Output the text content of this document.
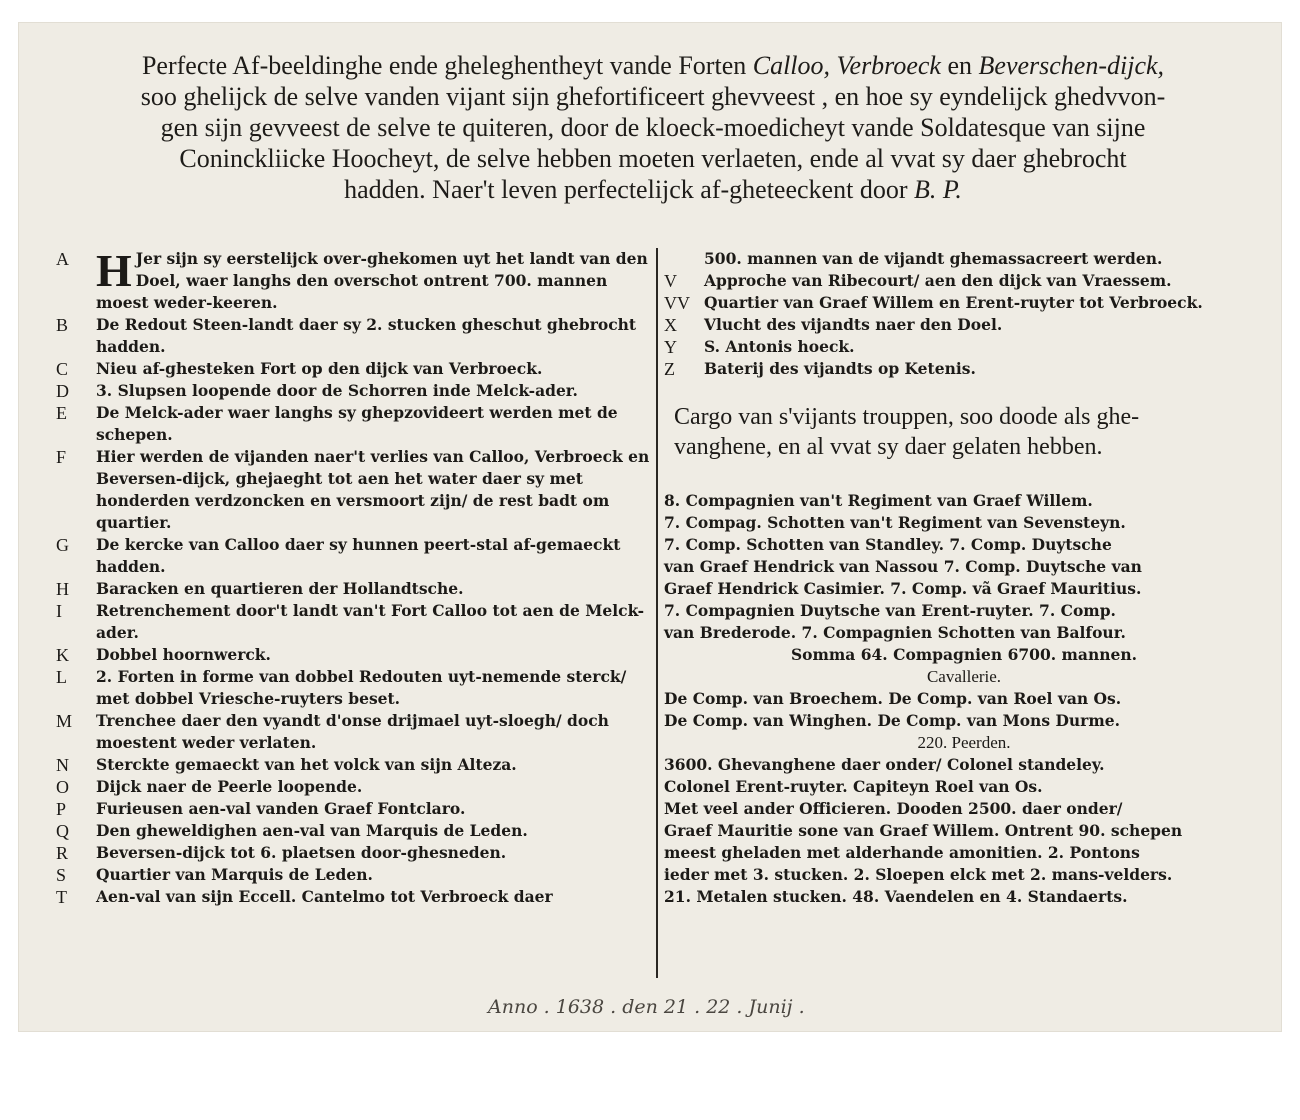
Perfecte Af-beeldinghe ende gheleghentheyt vande Forten Calloo, Verbroeck en Beverschen-dijck,
soo ghelijck de selve vanden vijant sijn ghefortificeert ghevveest , en hoe sy eyndelijck ghedvvon-
gen sijn gevveest de selve te quiteren, door de kloeck-moedicheyt vande Soldatesque van sijne
Coninckliicke Hoocheyt, de selve hebben moeten verlaeten, ende al vvat sy daer ghebrocht
hadden. Naer't leven perfectelijck af-gheteeckent door B. P.
A H Jer sijn sy eerstelijck over-ghekomen uyt het landt van den Doel, waer langhs den overschot ontrent 700. mannen moest weder-keeren.
B	De Redout Steen-landt daer sy 2. stucken gheschut ghebrocht hadden.
C	Nieu af-ghesteken Fort op den dijck van Verbroeck.
D	3. Slupsen loopende door de Schorren inde Melck-ader.
E	De Melck-ader waer langhs sy ghepzovideert werden met de schepen.
F	Hier werden de vijanden naer't verlies van Calloo, Verbroeck en Beversen-dijck, ghejaeght tot aen het water daer sy met honderden verdzoncken en versmoort zijn/ de rest badt om quartier.
G	De kercke van Calloo daer sy hunnen peert-stal af-gemaeckt hadden.
H	Baracken en quartieren der Hollandtsche.
I	Retrenchement door't landt van't Fort Calloo tot aen de Melck-ader.
K	Dobbel hoornwerck.
L	2. Forten in forme van dobbel Redouten uyt-nemende sterck/ met dobbel Vriesche-ruyters beset.
M	Trenchee daer den vyandt d'onse drijmael uyt-sloegh/ doch moestent weder verlaten.
N	Stercktе gemaeckt van het volck van sijn Alteza.
O	Dijck naer de Peerle loopende.
P	Furieusen aen-val vanden Graef Fontclaro.
Q	Den gheweldighen aen-val van Marquis de Leden.
R	Beversen-dijck tot 6. plaetsen door-ghesneden.
S	Quartier van Marquis de Leden.
T	Aen-val van sijn Eccell. Cantelmo tot Verbroeck daer
500. mannen van de vijandt ghemassacreert werden.
V	Approche van Ribecourt/ aen den dijck van Vraessem.
VV Quartier van Graef Willem en Erent-ruyter tot Verbroeck.
X	Vlucht des vijandts naer den Doel.
Y	S. Antonis hoeck.
Z	Baterij des vijandts op Ketenis.
Cargo van s'vijants trouppen, soo doode als ghe-
vanghene, en al vvat sy daer gelaten hebben.
8. Compagnien van't Regiment van Graef Willem.
7. Compag. Schotten van't Regiment van Sevensteyn.
7. Comp. Schotten van Standley. 7. Comp. Duytsche
van Graef Hendrick van Nassou 7. Comp. Duytsche van
Graef Hendrick Casimier. 7. Comp. vã Graef Mauritius.
7. Compagnien Duytsche van Erent-ruyter. 7. Comp.
van Brederode. 7. Compagnien Schotten van Balfour.
Somma 64. Compagnien 6700. mannen.
Cavallerie.
De Comp. van Broechem. De Comp. van Roel van Os.
De Comp. van Winghen. De Comp. van Mons Durme.
220. Peerden.
3600. Ghevanghene daer onder/ Colonel standeley.
Colonel Erent-ruyter. Capiteyn Roel van Os.
Met veel ander Officieren. Dooden 2500. daer onder/
Graef Mauritie sone van Graef Willem. Ontrent 90. schepen
meest gheladen met alderhande amonitien. 2. Pontons
ieder met 3. stucken. 2. Sloepen elck met 2. mans-velders.
21. Metalen stucken. 48. Vaendelen en 4. Standaerts.
Anno . 1638 . den 21 . 22 . Junij .
